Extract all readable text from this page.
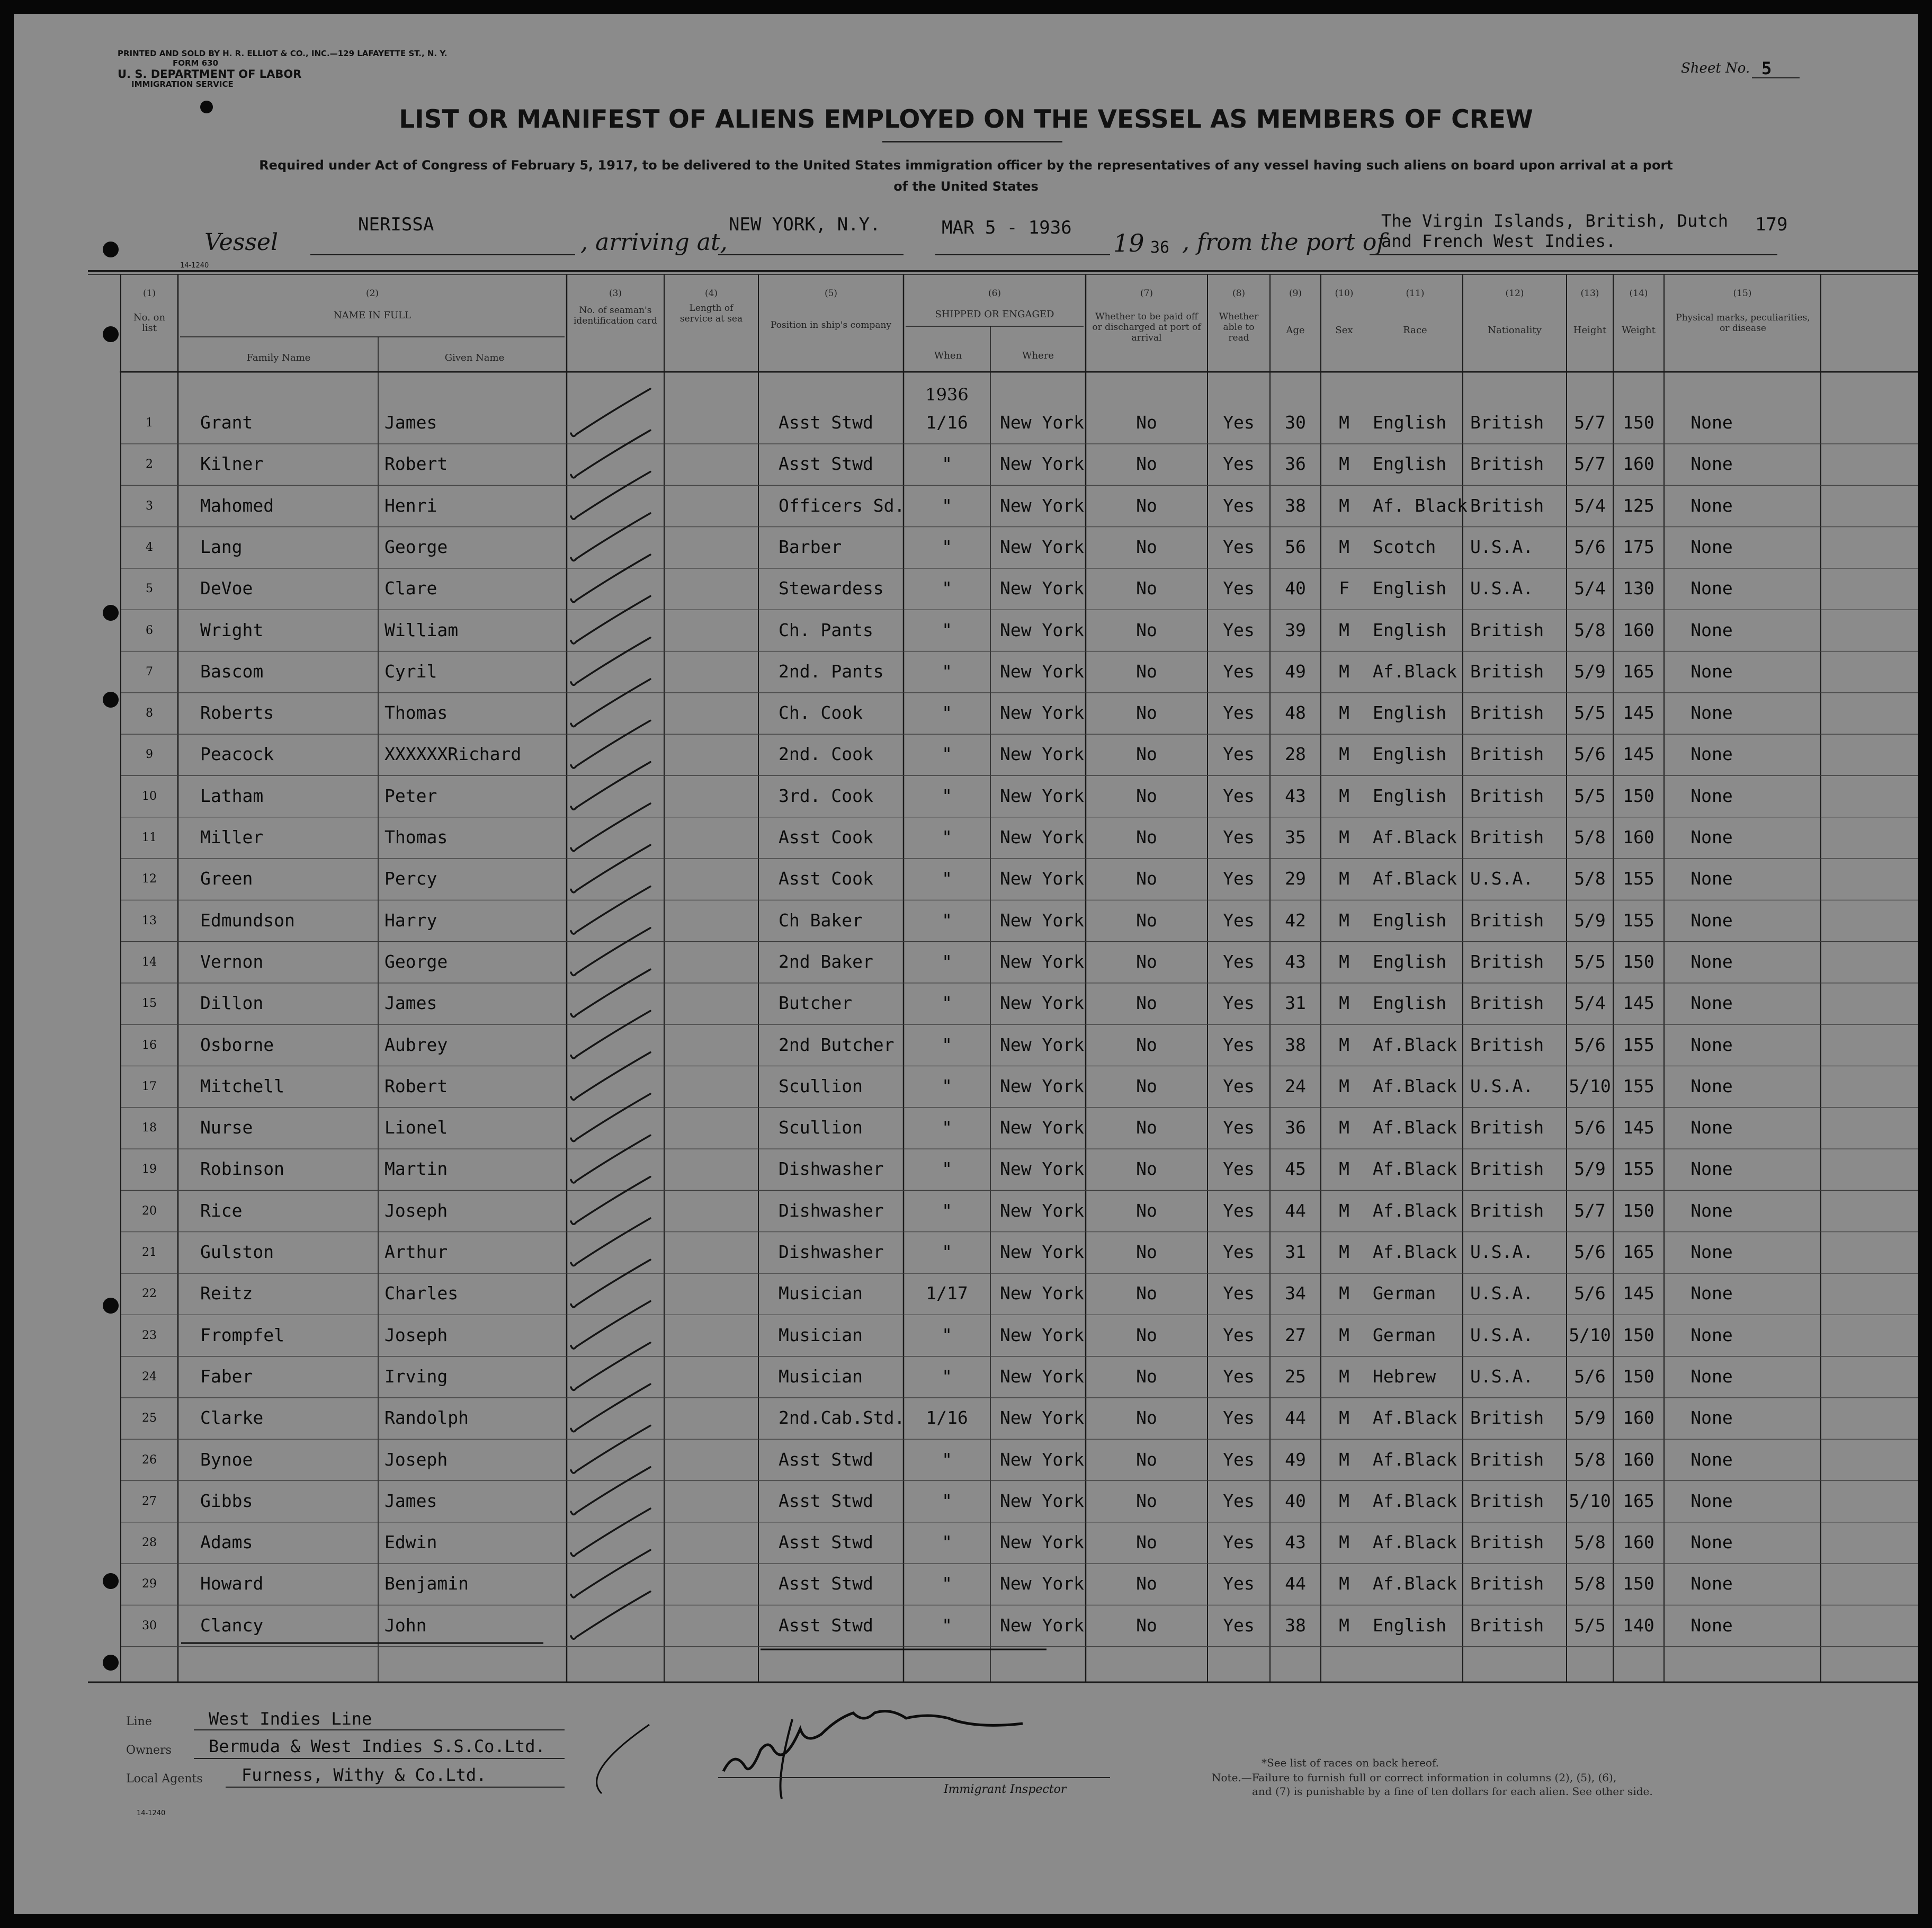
PRINTED AND SOLD BY H. R. ELLIOT & CO., INC.—129 LAFAYETTE ST., N. Y.
FORM 630
U. S. DEPARTMENT OF LABOR
IMMIGRATION SERVICE
Sheet No. 5
LIST OR MANIFEST OF ALIENS EMPLOYED ON THE VESSEL AS MEMBERS OF CREW
Required under Act of Congress of February 5, 1917, to be delivered to the United States immigration officer by the representatives of any vessel having such aliens on board upon arrival at a port
of the United States
Vessel
NERISSA
, arriving at,
NEW YORK, N.Y.	MAR 5 - 1936
19 36 , from the port of
The Virgin Islands, British, Dutch
and French West Indies.
179
14-1240
(1)	(2)	(3)	(4)	(5)	(6)	(7)	(8)	(9)	(10)	(11)	(12)	(13)	(14)	(15)
No. on list
NAME IN FULL
Family Name	Given Name
No. of seaman's identification card
Length of service at sea
Position in ship's company
SHIPPED OR ENGAGED
When	Where
Whether to be paid off or discharged at port of arrival
Whether able to read
Age	Sex	Race	Nationality	Height	Weight
Physical marks, peculiarities, or disease
1936
1	Grant	James	Asst Stwd	1/16	New York	No	Yes	30	M	English	British	5/7 150	None
2	Kilner	Robert	Asst Stwd	"	New York	No	Yes	36	M	English	British	5/7 160	None
3	Mahomed	Henri	Officers Sd.	"	New York	No	Yes	38	M	Af. Black British	5/4 125	None
4	Lang	George	Barber	"	New York	No	Yes	56	M	Scotch	U.S.A.	5/6 175	None
5	DeVoe	Clare	Stewardess	"	New York	No	Yes	40	F	English	U.S.A.	5/4 130	None
6	Wright	William	Ch. Pants	"	New York	No	Yes	39	M	English	British	5/8 160	None
7	Bascom	Cyril	2nd. Pants	"	New York	No	Yes	49	M	Af.Black British	5/9 165	None
8	Roberts	Thomas	Ch. Cook	"	New York	No	Yes	48	M	English	British	5/5 145	None
9	Peacock	XXXXXXRichard	2nd. Cook	"	New York	No	Yes	28	M	English	British	5/6 145	None
10	Latham	Peter	3rd. Cook	"	New York	No	Yes	43	M	English	British	5/5 150	None
11	Miller	Thomas	Asst Cook	"	New York	No	Yes	35	M	Af.Black British	5/8 160	None
12	Green	Percy	Asst Cook	"	New York	No	Yes	29	M	Af.Black U.S.A.	5/8 155	None
13	Edmundson	Harry	Ch Baker	"	New York	No	Yes	42	M	English	British	5/9 155	None
14	Vernon	George	2nd Baker	"	New York	No	Yes	43	M	English	British	5/5 150	None
15	Dillon	James	Butcher	"	New York	No	Yes	31	M	English	British	5/4 145	None
16	Osborne	Aubrey	2nd Butcher	"	New York	No	Yes	38	M	Af.Black British	5/6 155	None
17	Mitchell	Robert	Scullion	"	New York	No	Yes	24	M	Af.Black U.S.A.	5/10 155	None
18	Nurse	Lionel	Scullion	"	New York	No	Yes	36	M	Af.Black British	5/6 145	None
19	Robinson	Martin	Dishwasher	"	New York	No	Yes	45	M	Af.Black British	5/9 155	None
20	Rice	Joseph	Dishwasher	"	New York	No	Yes	44	M	Af.Black British	5/7 150	None
21	Gulston	Arthur	Dishwasher	"	New York	No	Yes	31	M	Af.Black U.S.A.	5/6 165	None
22	Reitz	Charles	Musician	1/17	New York	No	Yes	34	M	German	U.S.A.	5/6 145	None
23	Frompfel	Joseph	Musician	"	New York	No	Yes	27	M	German	U.S.A.	5/10 150	None
24	Faber	Irving	Musician	"	New York	No	Yes	25	M	Hebrew	U.S.A.	5/6 150	None
25	Clarke	Randolph	2nd.Cab.Std.	1/16	New York	No	Yes	44	M	Af.Black British	5/9 160	None
26	Bynoe	Joseph	Asst Stwd	"	New York	No	Yes	49	M	Af.Black British	5/8 160	None
27	Gibbs	James	Asst Stwd	"	New York	No	Yes	40	M	Af.Black British	5/10 165	None
28	Adams	Edwin	Asst Stwd	"	New York	No	Yes	43	M	Af.Black British	5/8 160	None
29	Howard	Benjamin	Asst Stwd	"	New York	No	Yes	44	M	Af.Black British	5/8 150	None
30	Clancy	John	Asst Stwd	"	New York	No	Yes	38	M	English	British	5/5 140	None
Line	West Indies Line
Owners Bermuda & West Indies S.S.Co.Ltd.
Local Agents Furness, Withy & Co.Ltd.
14-1240
Immigrant Inspector
*See list of races on back hereof.
Note.—Failure to furnish full or correct information in columns (2), (5), (6),
and (7) is punishable by a fine of ten dollars for each alien. See other side.
